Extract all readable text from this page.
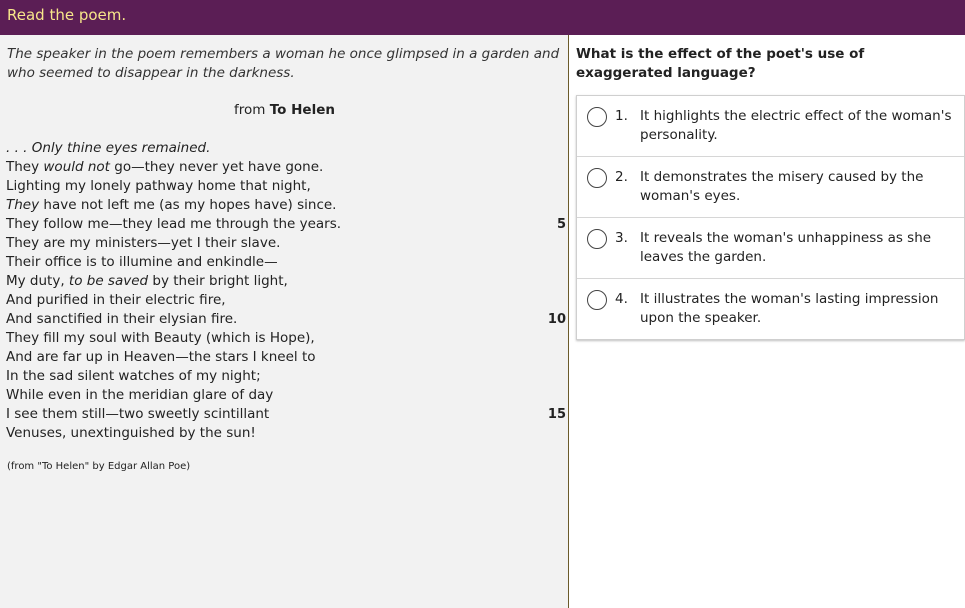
Read the poem.
The speaker in the poem remembers a woman he once glimpsed in a garden and who seemed to disappear in the darkness.
from To Helen
. . . Only thine eyes remained.
They would not go—they never yet have gone.
Lighting my lonely pathway home that night,
They have not left me (as my hopes have) since.
They follow me—they lead me through the years.	5
They are my ministers—yet I their slave.
Their office is to illumine and enkindle—
My duty, to be saved by their bright light,
And purified in their electric fire,
And sanctified in their elysian fire.	10
They fill my soul with Beauty (which is Hope),
And are far up in Heaven—the stars I kneel to
In the sad silent watches of my night;
While even in the meridian glare of day
I see them still—two sweetly scintillant	15
Venuses, unextinguished by the sun!
(from "To Helen" by Edgar Allan Poe)
What is the effect of the poet's use of exaggerated language?
1. It highlights the electric effect of the woman's personality.
2. It demonstrates the misery caused by the woman's eyes.
3. It reveals the woman's unhappiness as she leaves the garden.
4. It illustrates the woman's lasting impression upon the speaker.
